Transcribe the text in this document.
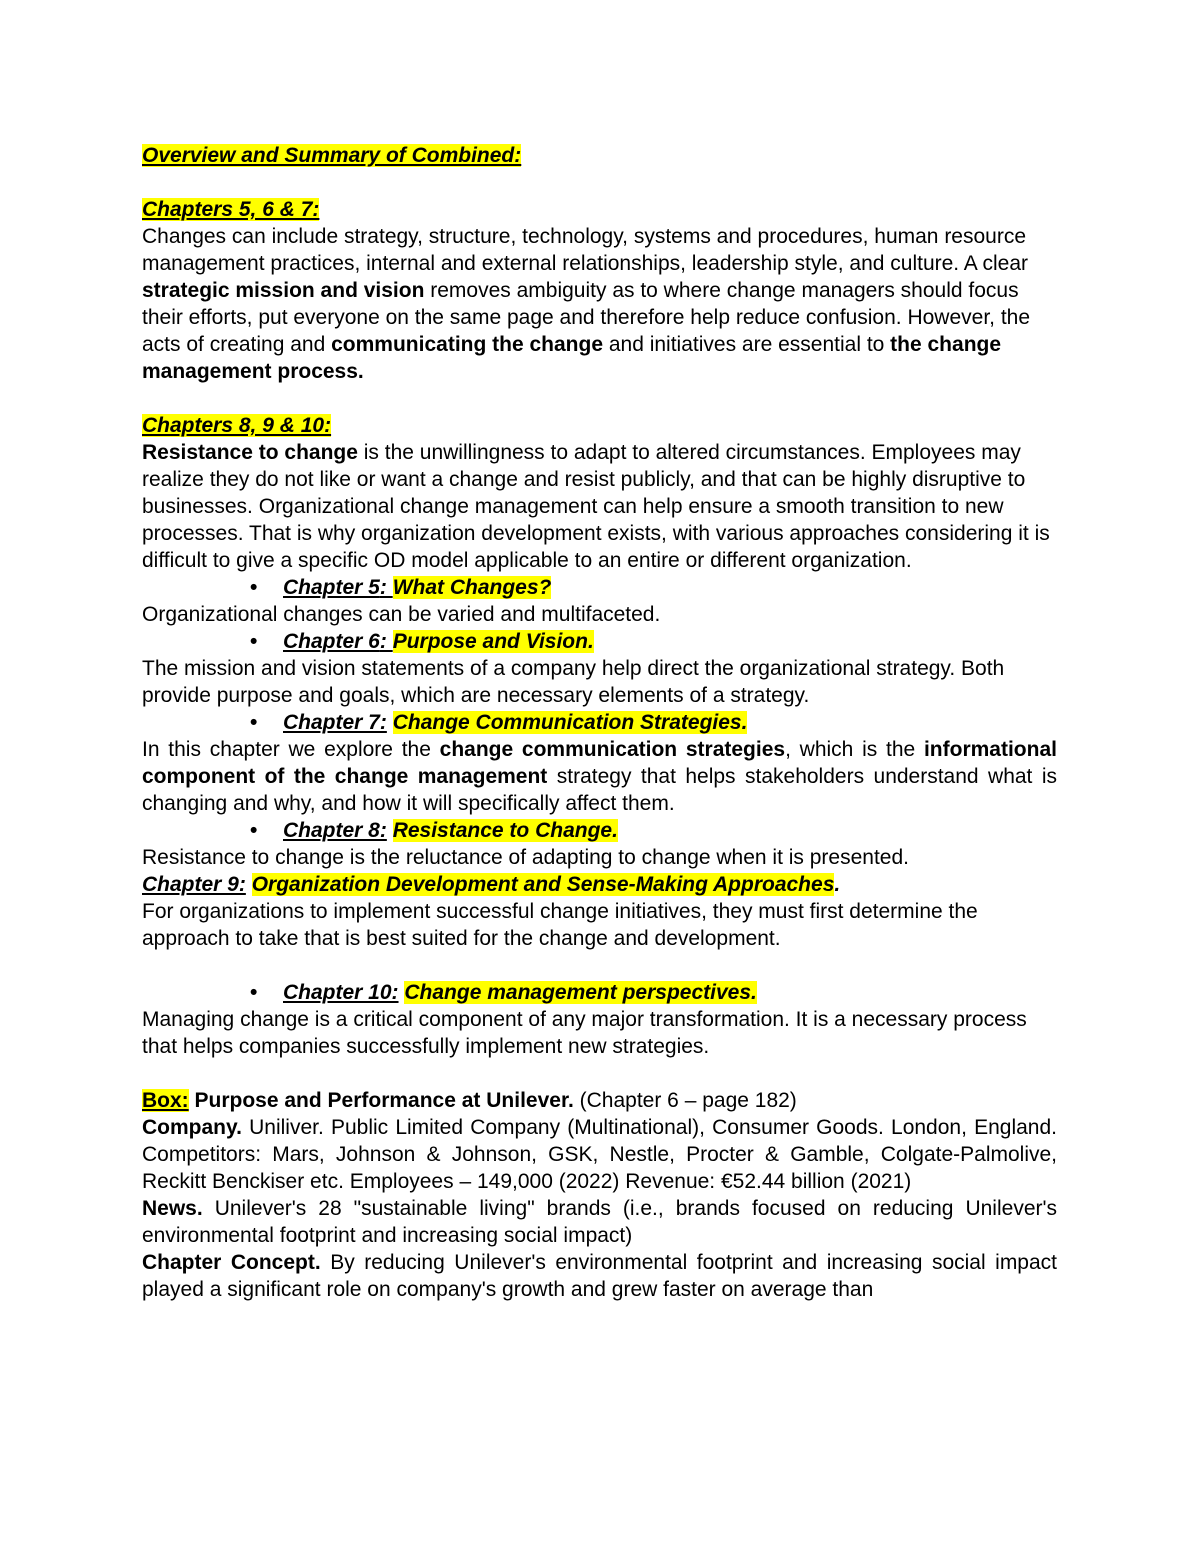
Overview and Summary of Combined:

Chapters 5, 6 & 7:

Changes can include strategy, structure, technology, systems and procedures, human resource management practices, internal and external relationships, leadership style, and culture. A clear strategic mission and vision removes ambiguity as to where change managers should focus their efforts, put everyone on the same page and therefore help reduce confusion. However, the acts of creating and communicating the change and initiatives are essential to the change management process.

Chapters 8, 9 & 10:

Resistance to change is the unwillingness to adapt to altered circumstances. Employees may realize they do not like or want a change and resist publicly, and that can be highly disruptive to businesses. Organizational change management can help ensure a smooth transition to new processes. That is why organization development exists, with various approaches considering it is difficult to give a specific OD model applicable to an entire or different organization.

• Chapter 5: What Changes?

Organizational changes can be varied and multifaceted.

• Chapter 6: Purpose and Vision.

The mission and vision statements of a company help direct the organizational strategy. Both provide purpose and goals, which are necessary elements of a strategy.

• Chapter 7: Change Communication Strategies.

In this chapter we explore the change communication strategies, which is the informational component of the change management strategy that helps stakeholders understand what is changing and why, and how it will specifically affect them.

• Chapter 8: Resistance to Change.

Resistance to change is the reluctance of adapting to change when it is presented.

Chapter 9: Organization Development and Sense-Making Approaches.

For organizations to implement successful change initiatives, they must first determine the approach to take that is best suited for the change and development.

• Chapter 10: Change management perspectives.

Managing change is a critical component of any major transformation. It is a necessary process that helps companies successfully implement new strategies.

Box: Purpose and Performance at Unilever. (Chapter 6 – page 182)

Company. Uniliver. Public Limited Company (Multinational), Consumer Goods. London, England. Competitors: Mars, Johnson & Johnson, GSK, Nestle, Procter & Gamble, Colgate-Palmolive, Reckitt Benckiser etc. Employees – 149,000 (2022) Revenue: €52.44 billion (2021)

News. Unilever's 28 "sustainable living" brands (i.e., brands focused on reducing Unilever's environmental footprint and increasing social impact)

Chapter Concept. By reducing Unilever's environmental footprint and increasing social impact played a significant role on company's growth and grew faster on average than
